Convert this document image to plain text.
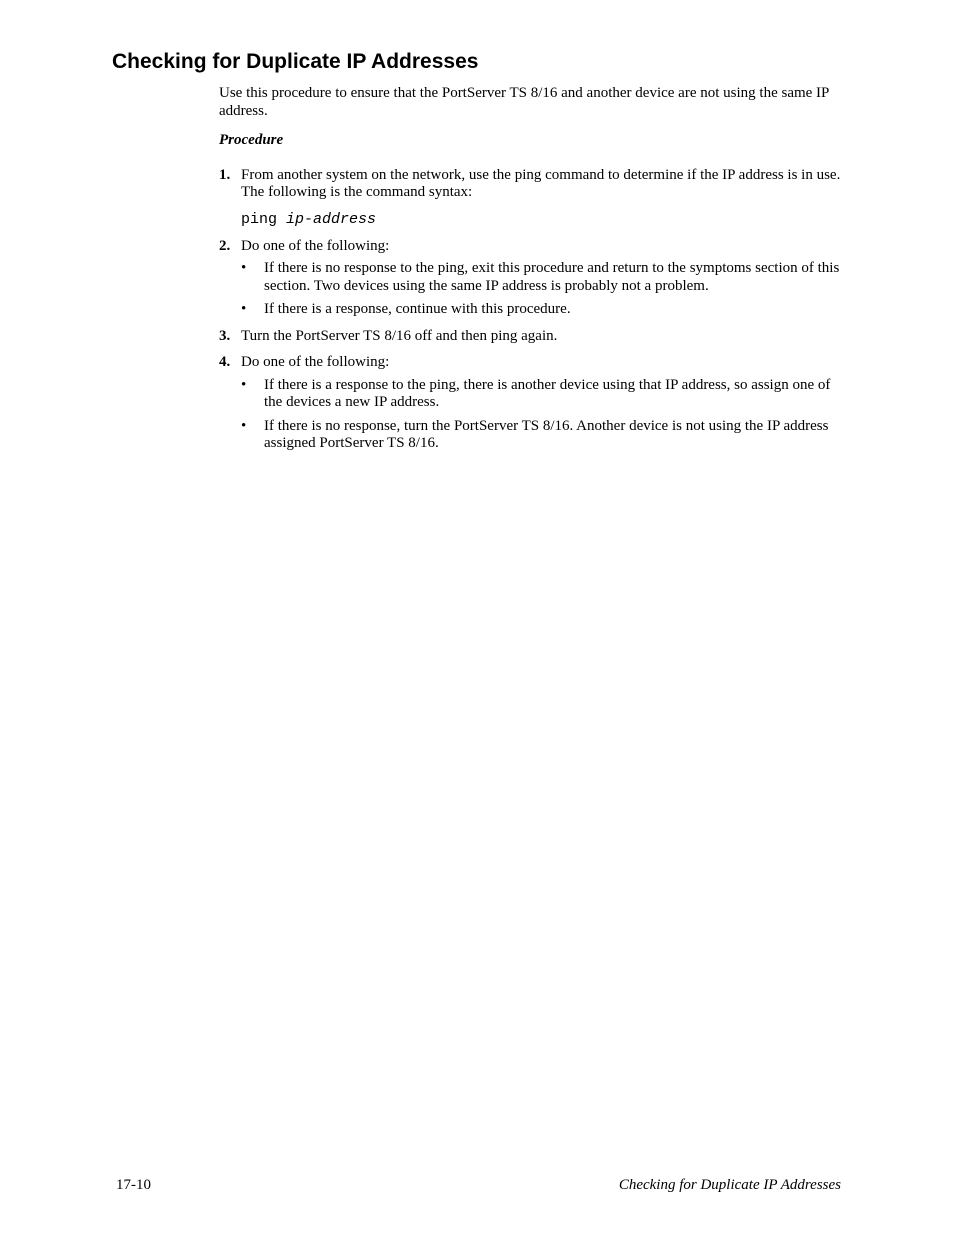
Checking for Duplicate IP Addresses

Use this procedure to ensure that the PortServer TS 8/16 and another device are not using the same IP address.

Procedure

1. From another system on the network, use the ping command to determine if the IP address is in use. The following is the command syntax:
ping ip-address
2. Do one of the following:
• If there is no response to the ping, exit this procedure and return to the symptoms section of this section. Two devices using the same IP address is probably not a problem.
• If there is a response, continue with this procedure.
3. Turn the PortServer TS 8/16 off and then ping again.
4. Do one of the following:
• If there is a response to the ping, there is another device using that IP address, so assign one of the devices a new IP address.
• If there is no response, turn the PortServer TS 8/16. Another device is not using the IP address assigned PortServer TS 8/16.
17-10	Checking for Duplicate IP Addresses
